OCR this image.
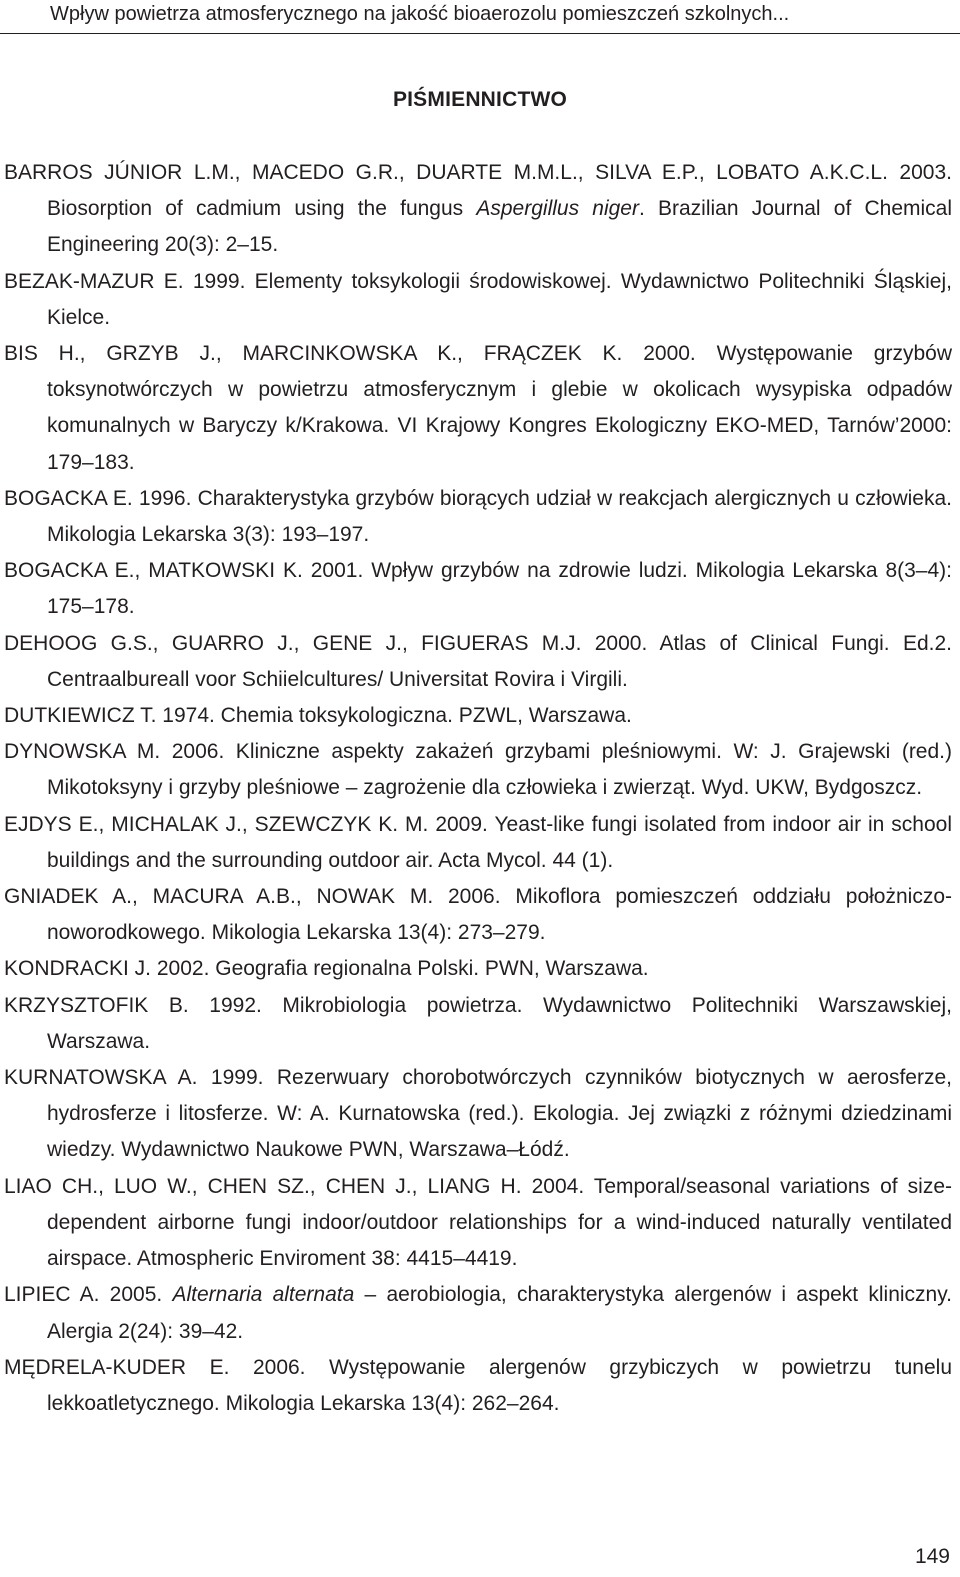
Wpływ powietrza atmosferycznego na jakość bioaerozolu pomieszczeń szkolnych...
PIŚMIENNICTWO
BARROS JÚNIOR L.M., MACEDO G.R., DUARTE M.M.L., SILVA E.P., LOBATO A.K.C.L. 2003. Biosorption of cadmium using the fungus Aspergillus niger. Brazilian Journal of Chemical Engineering 20(3): 2–15.
BEZAK-MAZUR E. 1999. Elementy toksykologii środowiskowej. Wydawnictwo Politechniki Śląskiej, Kielce.
BIS H., GRZYB J., MARCINKOWSKA K., FRĄCZEK K. 2000. Występowanie grzybów toksynotwórczych w powietrzu atmosferycznym i glebie w okolicach wysypiska odpadów komunalnych w Baryczy k/Krakowa. VI Krajowy Kongres Ekologiczny EKO-MED, Tarnów’2000: 179–183.
BOGACKA E. 1996. Charakterystyka grzybów biorących udział w reakcjach alergicznych u człowieka. Mikologia Lekarska 3(3): 193–197.
BOGACKA E., MATKOWSKI K. 2001. Wpływ grzybów na zdrowie ludzi. Mikologia Lekarska 8(3–4): 175–178.
DEHOOG G.S., GUARRO J., GENE J., FIGUERAS M.J. 2000. Atlas of Clinical Fungi. Ed.2. Centraalbureall voor Schiielcultures/ Universitat Rovira i Virgili.
DUTKIEWICZ T. 1974. Chemia toksykologiczna. PZWL, Warszawa.
DYNOWSKA M. 2006. Kliniczne aspekty zakażeń grzybami pleśniowymi. W: J. Grajewski (red.) Mikotoksyny i grzyby pleśniowe – zagrożenie dla człowieka i zwierząt. Wyd. UKW, Bydgoszcz.
EJDYS E., MICHALAK J., SZEWCZYK K. M. 2009. Yeast-like fungi isolated from indoor air in school buildings and the surrounding outdoor air. Acta Mycol. 44 (1).
GNIADEK A., MACURA A.B., NOWAK M. 2006. Mikoflora pomieszczeń oddziału położniczo-noworodkowego. Mikologia Lekarska 13(4): 273–279.
KONDRACKI J. 2002. Geografia regionalna Polski. PWN, Warszawa.
KRZYSZTOFIK B. 1992. Mikrobiologia powietrza. Wydawnictwo Politechniki Warszawskiej, Warszawa.
KURNATOWSKA A. 1999. Rezerwuary chorobotwórczych czynników biotycznych w aerosferze, hydrosferze i litosferze. W: A. Kurnatowska (red.). Ekologia. Jej związki z różnymi dziedzinami wiedzy. Wydawnictwo Naukowe PWN, Warszawa–Łódź.
LIAO CH., LUO W., CHEN SZ., CHEN J., LIANG H. 2004. Temporal/seasonal variations of size-dependent airborne fungi indoor/outdoor relationships for a wind-induced naturally ventilated airspace. Atmospheric Enviroment 38: 4415–4419.
LIPIEC A. 2005. Alternaria alternata – aerobiologia, charakterystyka alergenów i aspekt kliniczny. Alergia 2(24): 39–42.
MĘDRELA-KUDER E. 2006. Występowanie alergenów grzybiczych w powietrzu tunelu lekkoatletycznego. Mikologia Lekarska 13(4): 262–264.
149
